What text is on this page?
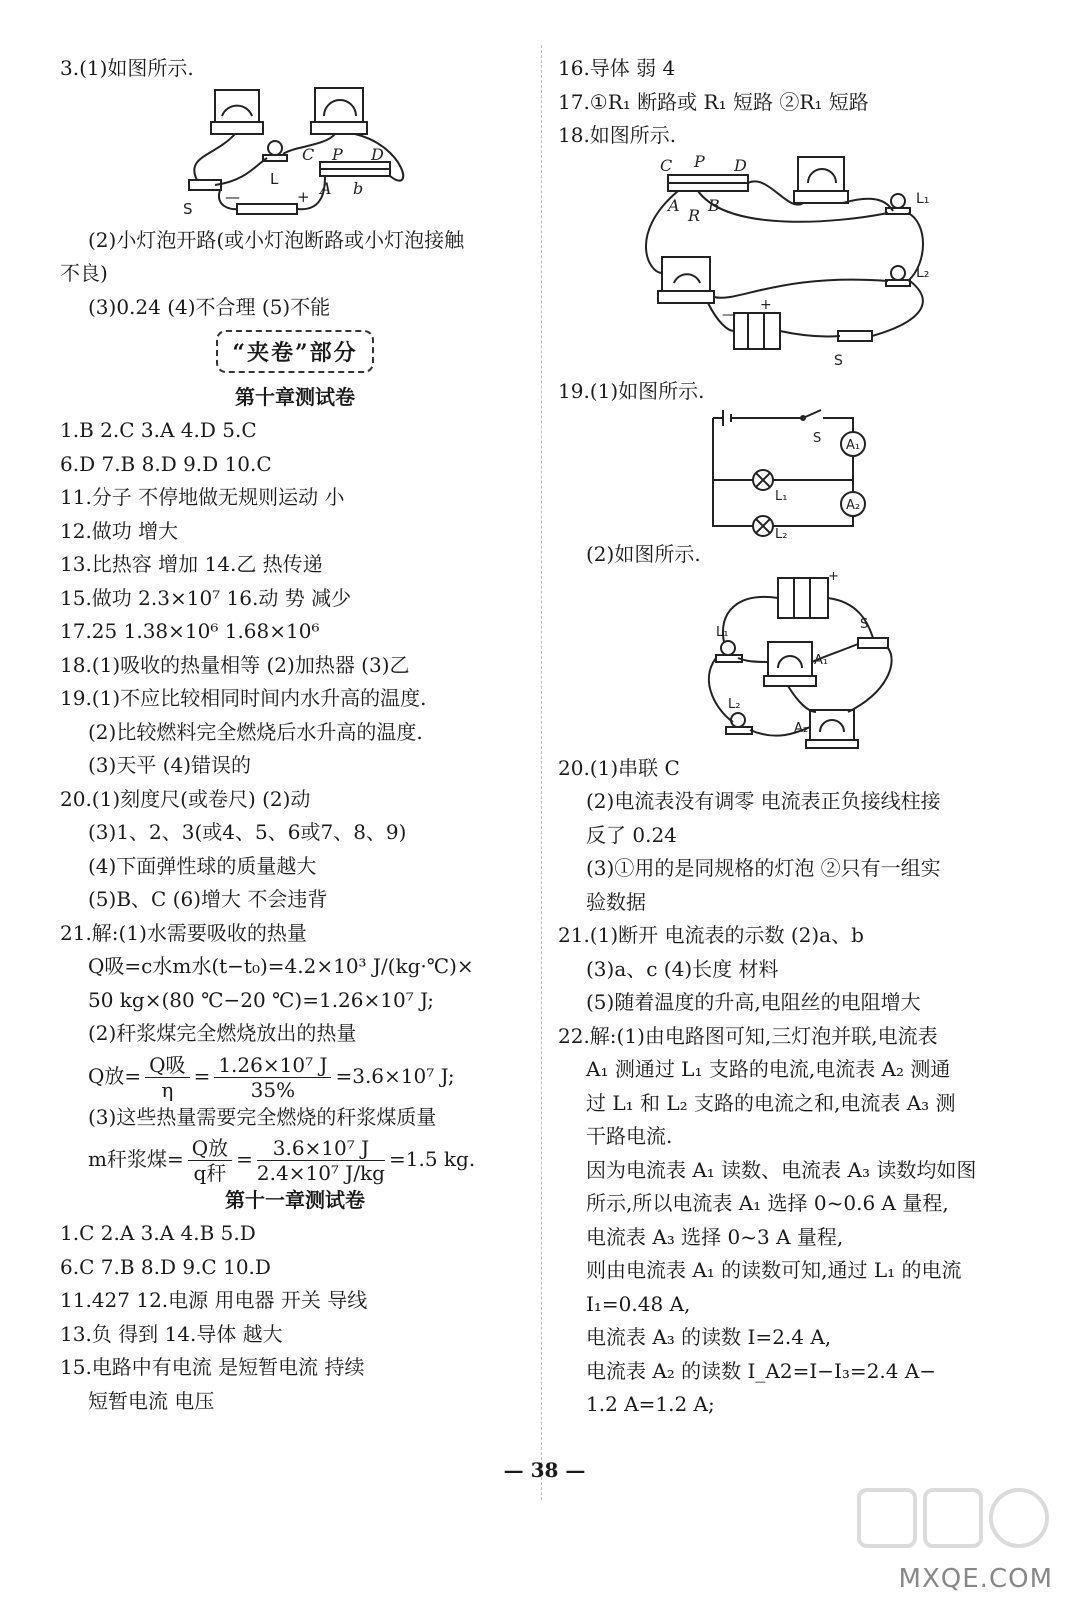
3.(1)如图所示.
C P D
A b
L
S
—	+
(2)小灯泡开路(或小灯泡断路或小灯泡接触
不良)
(3)0.24 (4)不合理 (5)不能
“夹卷”部分
第十章测试卷
1.B 2.C 3.A 4.D 5.C
6.D 7.B 8.D 9.D 10.C
11.分子 不停地做无规则运动 小
12.做功 增大
13.比热容 增加 14.乙 热传递
15.做功 2.3×10⁷ 16.动 势 减少
17.25 1.38×10⁶ 1.68×10⁶
18.(1)吸收的热量相等 (2)加热器 (3)乙
19.(1)不应比较相同时间内水升高的温度.
(2)比较燃料完全燃烧后水升高的温度.
(3)天平 (4)错误的
20.(1)刻度尺(或卷尺) (2)动
(3)1、2、3(或4、5、6或7、8、9)
(4)下面弹性球的质量越大
(5)B、C (6)增大 不会违背
21.解:(1)水需要吸收的热量
Q吸=c水m水(t−t₀)=4.2×10³ J/(kg·℃)×
50 kg×(80 ℃−20 ℃)=1.26×10⁷ J;
(2)秆浆煤完全燃烧放出的热量
Q放= $\frac{\text{Q吸}}{\eta} = \frac{\text{1.26×10⁷ J}}{35\%} =3.6\times 10^7$ J;
(3)这些热量需要完全燃烧的秆浆煤质量
m秆浆煤= $\frac{\text{Q放}}{\text{q秆}} = \frac{\text{3.6×10⁷ J}}{\text{2.4×10⁷ J/kg}} =1.5$ kg.
第十一章测试卷
1.C 2.A 3.A 4.B 5.D
6.C 7.B 8.D 9.C 10.D
11.427 12.电源 用电器 开关 导线
13.负 得到 14.导体 越大
15.电路中有电流 是短暂电流 持续
短暂电流 电压
16.导体 弱 4
17.①R₁ 断路或 R₁ 短路 ②R₁ 短路
18.如图所示.
C P D
A
R
B	L₁
L₂
S
—
+
19.(1)如图所示.
S A₁
A₂
L₁
L₂
(2)如图所示.
L₁
L₂
S
A₁
A₂
+
20.(1)串联 C
(2)电流表没有调零 电流表正负接线柱接
反了 0.24
(3)①用的是同规格的灯泡 ②只有一组实
验数据
21.(1)断开 电流表的示数 (2)a、b
(3)a、c (4)长度 材料
(5)随着温度的升高,电阻丝的电阻增大
22.解:(1)由电路图可知,三灯泡并联,电流表
A₁ 测通过 L₁ 支路的电流,电流表 A₂ 测通
过 L₁ 和 L₂ 支路的电流之和,电流表 A₃ 测
干路电流.
因为电流表 A₁ 读数、电流表 A₃ 读数均如图
所示,所以电流表 A₁ 选择 0~0.6 A 量程,
电流表 A₃ 选择 0~3 A 量程,
则由电流表 A₁ 的读数可知,通过 L₁ 的电流
I₁=0.48 A,
电流表 A₃ 的读数 I=2.4 A,
电流表 A₂ 的读数 I_A2=I−I₃=2.4 A−
1.2 A=1.2 A;
— 38 —
MXQE.COM
